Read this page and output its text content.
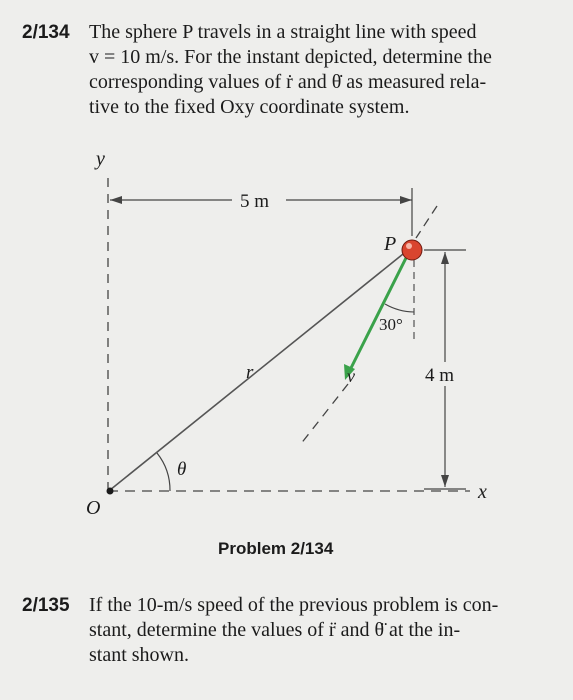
2/134 The sphere P travels in a straight line with speed
v = 10 m/s. For the instant depicted, determine the
corresponding values of ṙ and θ̇ as measured rela-
tive to the fixed Oxy coordinate system.
y
x
O
P
5 m
4 m
30°
r	v
θ
Problem 2/134
2/135 If the 10-m/s speed of the previous problem is con-
stant, determine the values of r̈ and θ̈ at the in-
stant shown.
